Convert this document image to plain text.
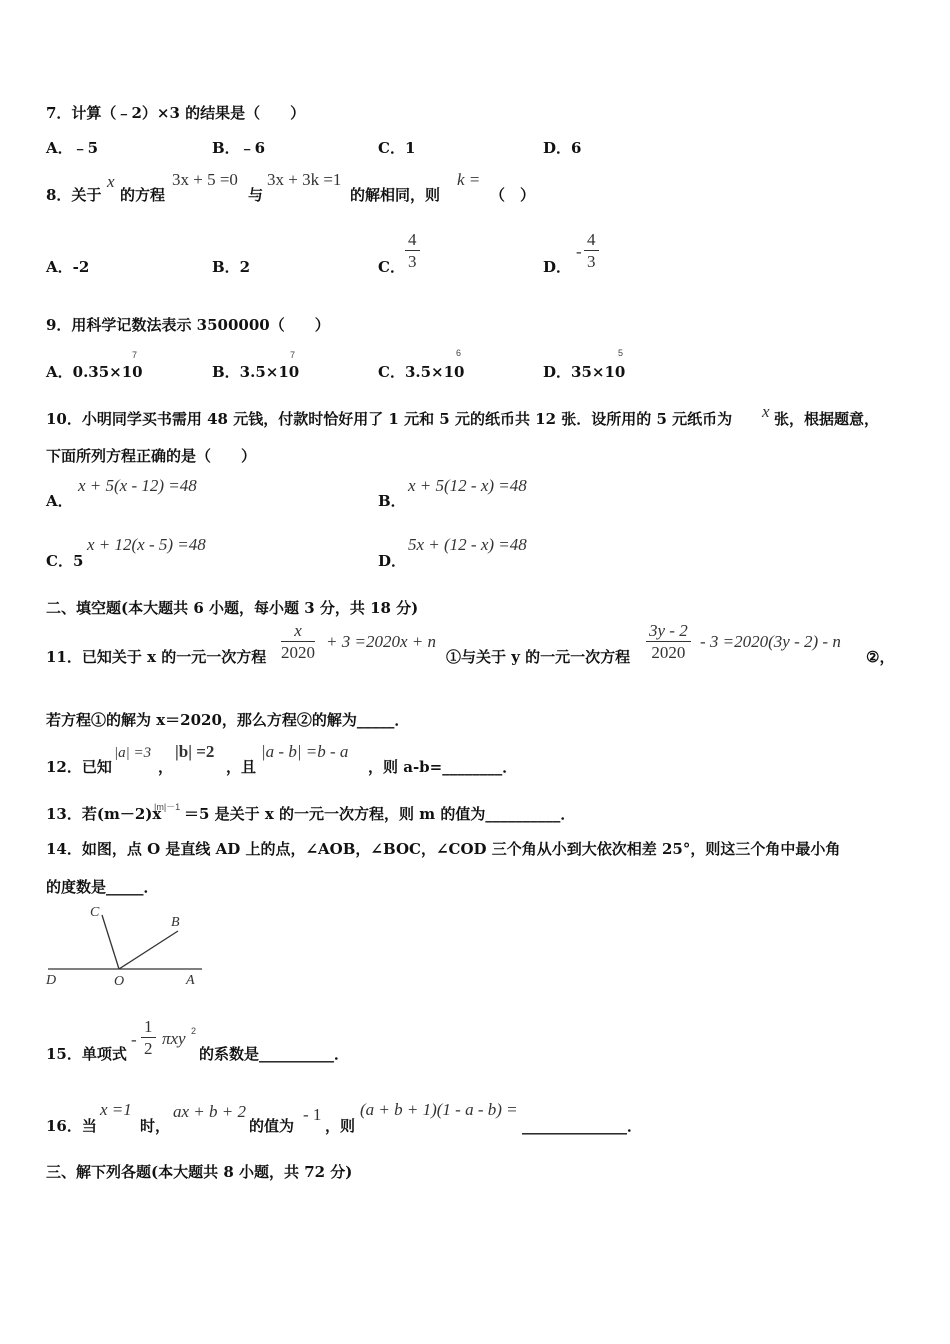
7．计算（﹣2）×3 的结果是（　　）
A．﹣5	B．﹣6	C．1	D．6
8．关于
x
的方程
3x + 5 =0
与
3x + 3k =1
的解相同，则
k =
（　）
A．-2	B．2	C． $\frac{4}{3}$	D．
- $\frac{4}{3}$
9．用科学记数法表示 3500000（　　）
A．0.35×10
7
B．3.5×10
7
C．3.5×10
6
D．35×10
5
10．小明同学买书需用 48 元钱，付款时恰好用了 1 元和 5 元的纸币共 12 张．设所用的 5 元纸币为 x 张，根据题意，
下面所列方程正确的是（　　）
A．
x + 5(x - 12) =48
B．
x + 5(12 - x) =48
C．5
x + 12(x - 5) =48
D．
5x + (12 - x) =48
二、填空题(本大题共 6 小题，每小题 3 分，共 18 分)
11．已知关于 x 的一元一次方程 $\frac{x}{2020} + 3 =2020x + n$
①与关于 y 的一元一次方程 $\frac{3y - 2}{2020} - 3 =2020(3y - 2) - n$
②，
若方程①的解为 x＝2020，那么方程②的解为_____．
12．已知
|a| =3
，
|b| =2
，且
|a - b| =b - a
，则 a-b=________．
13．若(m－2)x
|m|－1 ＝5 是关于 x 的一元一次方程，则 m 的值为__________．
14．如图，点 O 是直线 AD 上的点，∠AOB，∠BOC，∠COD 三个角从小到大依次相差 25°，则这三个角中最小角
的度数是_____．
C
B
D	O	A
15．单项式
- $\frac{1}{2}$ πxy 2
的系数是__________．
16．当
x =1
时，
ax + b + 2
的值为
- 1
，则
(a + b + 1)(1 - a - b) =
______________．
三、解下列各题(本大题共 8 小题，共 72 分)
